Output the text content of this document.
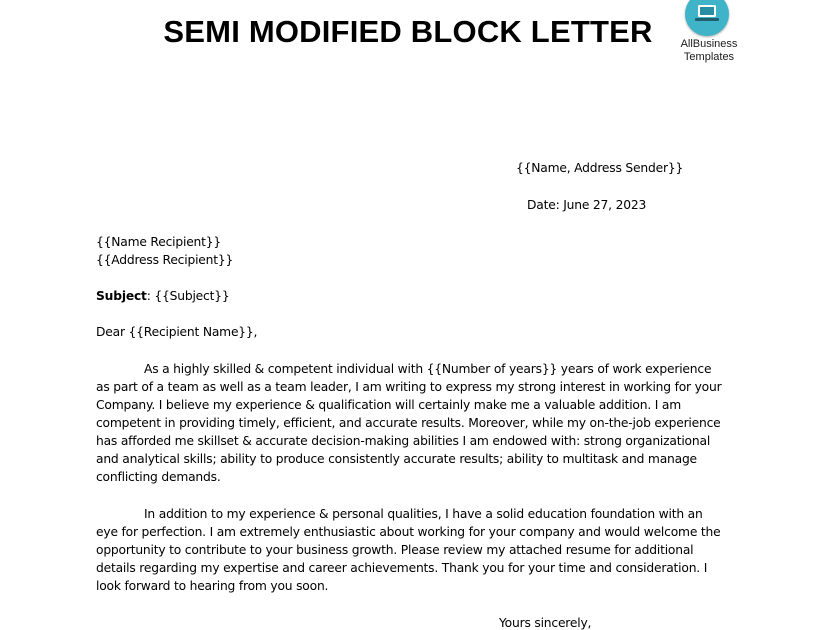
SEMI MODIFIED BLOCK LETTER	AllBusiness
Templates
{{Name, Address Sender}}
Date: June 27, 2023
{{Name Recipient}}
{{Address Recipient}}
Subject: {{Subject}}
Dear {{Recipient Name}},

As a highly skilled & competent individual with {{Number of years}} years of work experience as part of a team as well as a team leader, I am writing to express my strong interest in working for your Company. I believe my experience & qualification will certainly make me a valuable addition. I am competent in providing timely, efficient, and accurate results. Moreover, while my on-the-job experience has afforded me skillset & accurate decision-making abilities I am endowed with: strong organizational and analytical skills; ability to produce consistently accurate results; ability to multitask and manage conflicting demands.

In addition to my experience & personal qualities, I have a solid education foundation with an eye for perfection. I am extremely enthusiastic about working for your company and would welcome the opportunity to contribute to your business growth. Please review my attached resume for additional details regarding my expertise and career achievements. Thank you for your time and consideration. I look forward to hearing from you soon.

Yours sincerely,
